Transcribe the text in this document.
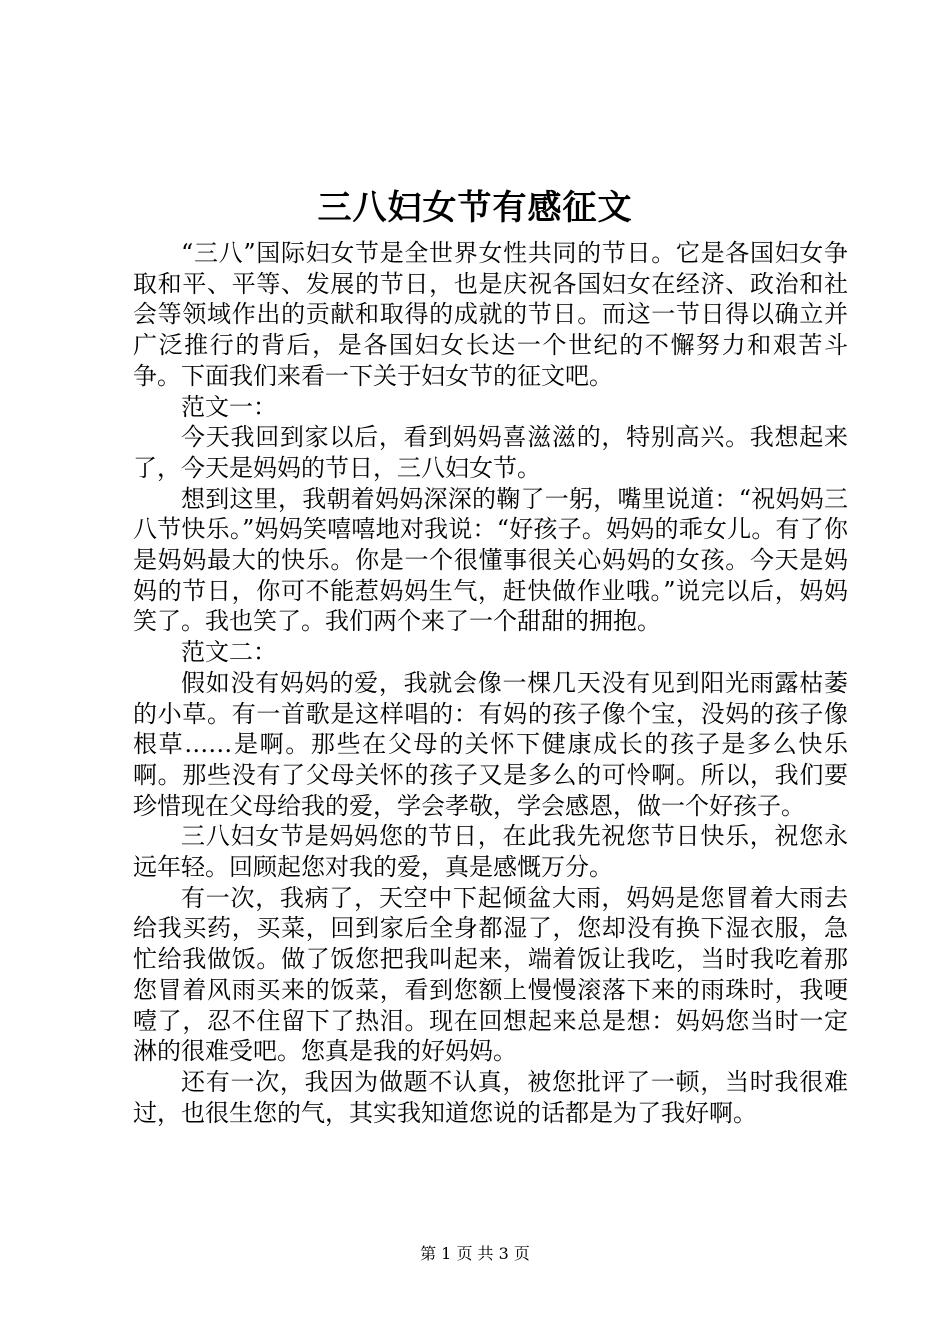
三八妇女节有感征文

“三八”国际妇女节是全世界女性共同的节日。它是各国妇女争取和平、平等、发展的节日，也是庆祝各国妇女在经济、政治和社会等领域作出的贡献和取得的成就的节日。而这一节日得以确立并广泛推行的背后，是各国妇女长达一个世纪的不懈努力和艰苦斗争。下面我们来看一下关于妇女节的征文吧。

范文一：

今天我回到家以后，看到妈妈喜滋滋的，特别高兴。我想起来了，今天是妈妈的节日，三八妇女节。

想到这里，我朝着妈妈深深的鞠了一躬，嘴里说道：“祝妈妈三八节快乐。”妈妈笑嘻嘻地对我说：“好孩子。妈妈的乖女儿。有了你是妈妈最大的快乐。你是一个很懂事很关心妈妈的女孩。今天是妈妈的节日，你可不能惹妈妈生气，赶快做作业哦。”说完以后，妈妈笑了。我也笑了。我们两个来了一个甜甜的拥抱。

范文二：

假如没有妈妈的爱，我就会像一棵几天没有见到阳光雨露枯萎的小草。有一首歌是这样唱的：有妈的孩子像个宝，没妈的孩子像根草……是啊。那些在父母的关怀下健康成长的孩子是多么快乐啊。那些没有了父母关怀的孩子又是多么的可怜啊。所以，我们要珍惜现在父母给我的爱，学会孝敬，学会感恩，做一个好孩子。

三八妇女节是妈妈您的节日，在此我先祝您节日快乐，祝您永远年轻。回顾起您对我的爱，真是感慨万分。

有一次，我病了，天空中下起倾盆大雨，妈妈是您冒着大雨去给我买药，买菜，回到家后全身都湿了，您却没有换下湿衣服，急忙给我做饭。做了饭您把我叫起来，端着饭让我吃，当时我吃着那您冒着风雨买来的饭菜，看到您额上慢慢滚落下来的雨珠时，我哽噎了，忍不住留下了热泪。现在回想起来总是想：妈妈您当时一定淋的很难受吧。您真是我的好妈妈。

还有一次，我因为做题不认真，被您批评了一顿，当时我很难过，也很生您的气，其实我知道您说的话都是为了我好啊。

第 1 页 共 3 页
